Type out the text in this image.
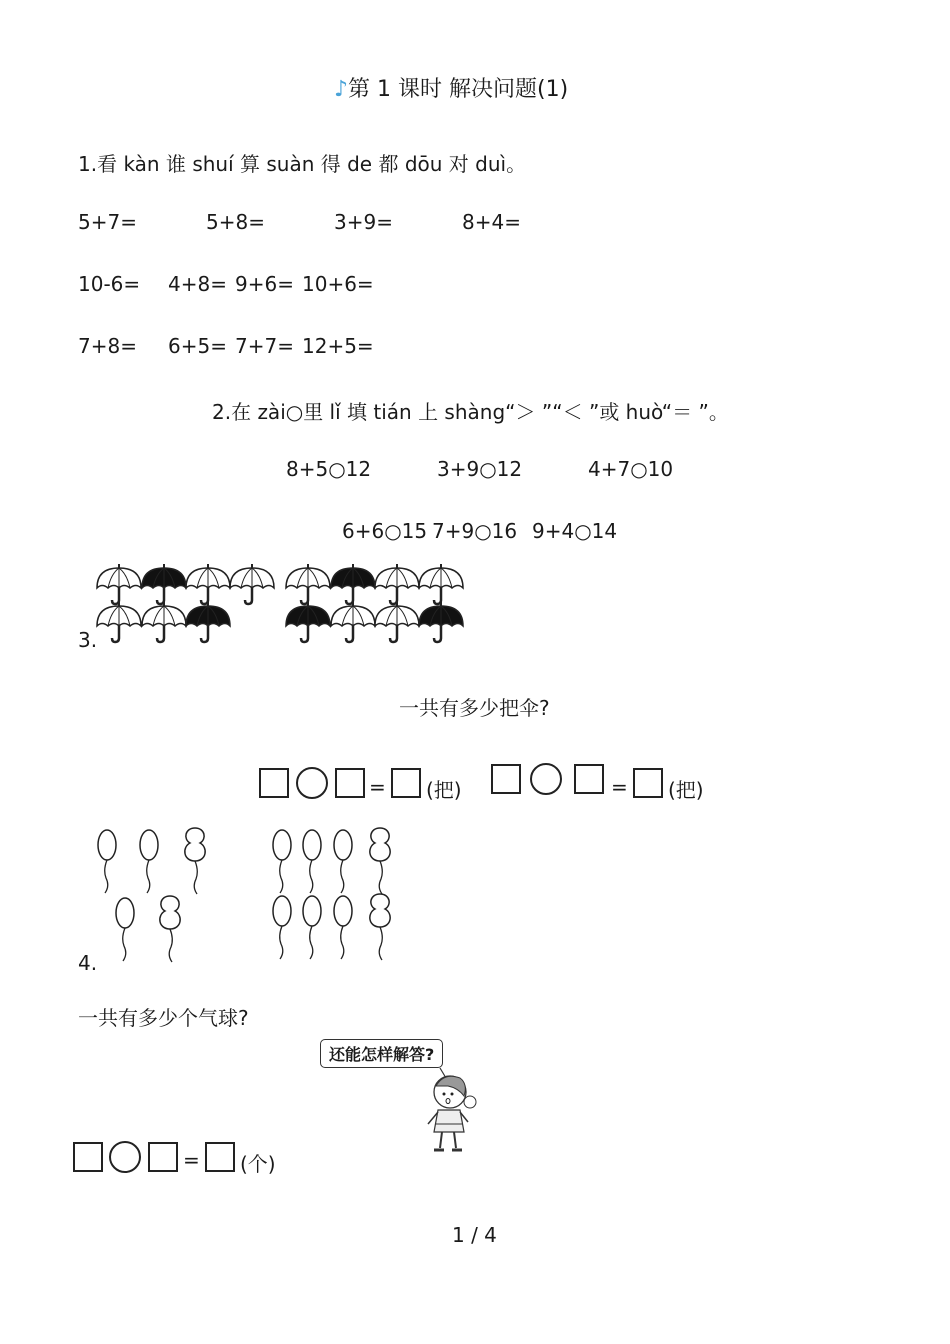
♪第 1 课时 解决问题(1)
1.看 kàn 谁 shuí 算 suàn 得 de 都 dōu 对 duì。
5+7=	5+8=	3+9=	8+4=
10-6= 4+8= 9+6= 10+6=
7+8= 6+5= 7+7= 12+5=
2.在 zài○里 lǐ 填 tián 上 shàng“＞ ”“＜ ”或 huò“＝ ”。
8+5○12	3+9○12	4+7○10
6+6○15 7+9○16 9+4○14
3.
一共有多少把伞?
= (把)	= (把)
4.
一共有多少个气球?
还能怎样解答?
= (个)
1 / 4
